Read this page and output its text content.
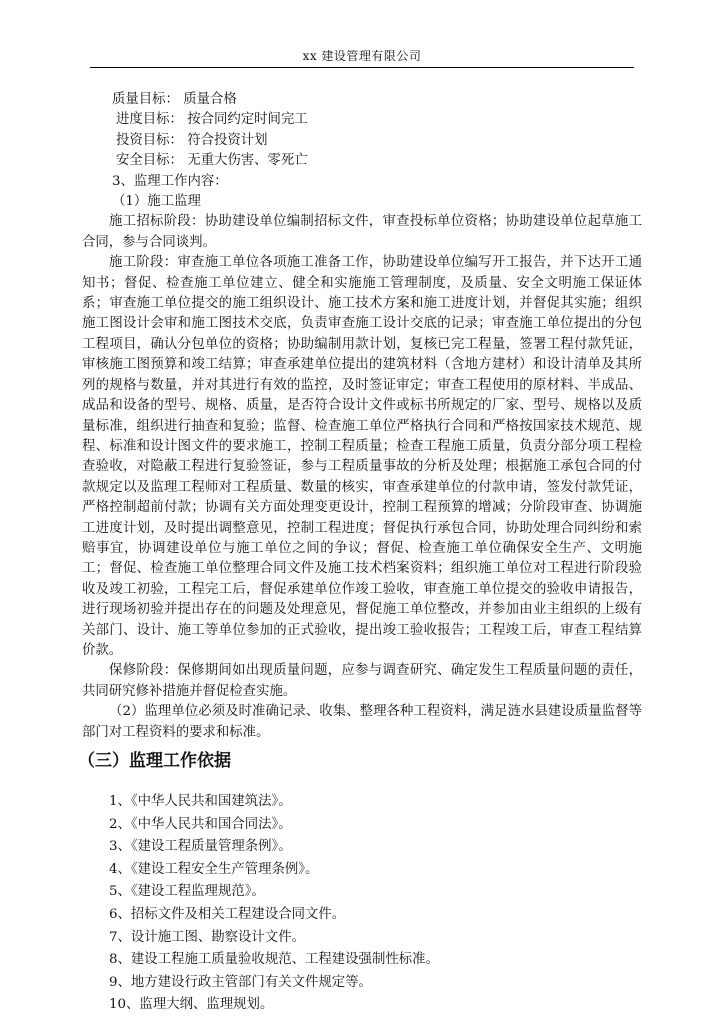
xx 建设管理有限公司

质量目标： 质量合格

进度目标： 按合同约定时间完工

投资目标： 符合投资计划

安全目标： 无重大伤害、零死亡

3、监理工作内容：

（1）施工监理

施工招标阶段：协助建设单位编制招标文件，审查投标单位资格；协助建设单位起草施工合同，参与合同谈判。

施工阶段：审查施工单位各项施工准备工作，协助建设单位编写开工报告，并下达开工通知书；督促、检查施工单位建立、健全和实施施工管理制度，及质量、安全文明施工保证体系；审查施工单位提交的施工组织设计、施工技术方案和施工进度计划，并督促其实施；组织施工图设计会审和施工图技术交底，负责审查施工设计交底的记录；审查施工单位提出的分包工程项目，确认分包单位的资格；协助编制用款计划，复核已完工程量，签署工程付款凭证，审核施工图预算和竣工结算；审查承建单位提出的建筑材料（含地方建材）和设计清单及其所列的规格与数量，并对其进行有效的监控，及时签证审定；审查工程使用的原材料、半成品、成品和设备的型号、规格、质量，是否符合设计文件或标书所规定的厂家、型号、规格以及质量标准，组织进行抽查和复验；监督、检查施工单位严格执行合同和严格按国家技术规范、规程、标准和设计图文件的要求施工，控制工程质量；检查工程施工质量，负责分部分项工程检查验收，对隐蔽工程进行复验签证，参与工程质量事故的分析及处理；根据施工承包合同的付款规定以及监理工程师对工程质量、数量的核实，审查承建单位的付款申请，签发付款凭证，严格控制超前付款；协调有关方面处理变更设计，控制工程预算的增减；分阶段审查、协调施工进度计划，及时提出调整意见，控制工程进度；督促执行承包合同，协助处理合同纠纷和索赔事宜，协调建设单位与施工单位之间的争议；督促、检查施工单位确保安全生产、文明施工；督促、检查施工单位整理合同文件及施工技术档案资料；组织施工单位对工程进行阶段验收及竣工初验，工程完工后，督促承建单位作竣工验收，审查施工单位提交的验收申请报告，进行现场初验并提出存在的问题及处理意见，督促施工单位整改，并参加由业主组织的上级有关部门、设计、施工等单位参加的正式验收，提出竣工验收报告；工程竣工后，审查工程结算价款。

保修阶段：保修期间如出现质量问题，应参与调查研究、确定发生工程质量问题的责任，共同研究修补措施并督促检查实施。

（2）监理单位必须及时准确记录、收集、整理各种工程资料，满足涟水县建设质量监督等部门对工程资料的要求和标准。

（三）监理工作依据
1、《中华人民共和国建筑法》。
2、《中华人民共和国合同法》。
3、《建设工程质量管理条例》。
4、《建设工程安全生产管理条例》。
5、《建设工程监理规范》。
6、招标文件及相关工程建设合同文件。
7、设计施工图、勘察设计文件。
8、建设工程施工质量验收规范、工程建设强制性标准。
9、地方建设行政主管部门有关文件规定等。
10、监理大纲、监理规划。
